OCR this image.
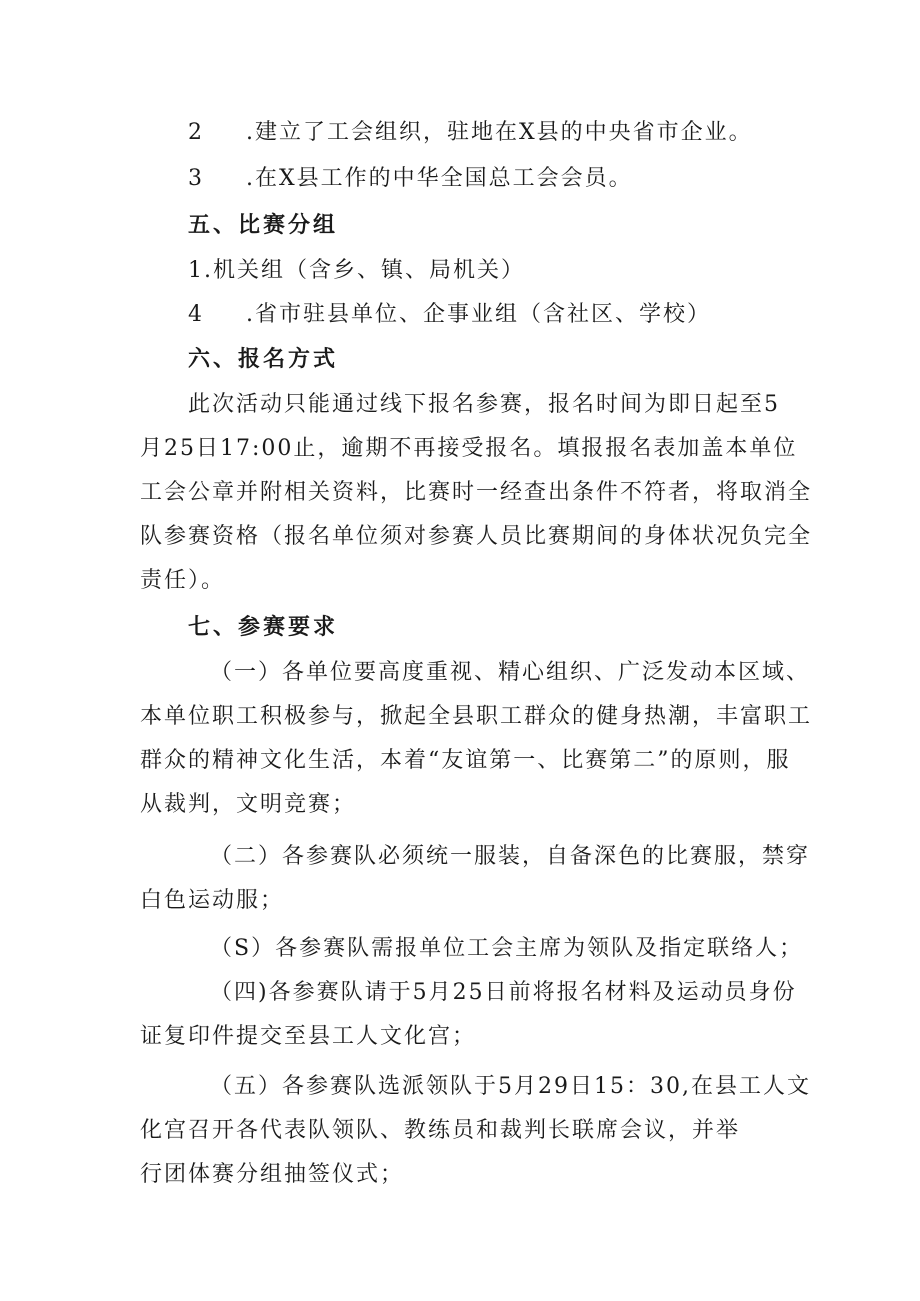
2 .建立了工会组织，驻地在X县的中央省市企业。
3 .在X县工作的中华全国总工会会员。
五、比赛分组
1.机关组（含乡、镇、局机关）
4 .省市驻县单位、企事业组（含社区、学校）
六、报名方式
此次活动只能通过线下报名参赛，报名时间为即日起至5
月25日17:00止，逾期不再接受报名。填报报名表加盖本单位
工会公章并附相关资料，比赛时一经查出条件不符者，将取消全
队参赛资格（报名单位须对参赛人员比赛期间的身体状况负完全
责任）。
七、参赛要求
（一）各单位要高度重视、精心组织、广泛发动本区域、
本单位职工积极参与，掀起全县职工群众的健身热潮，丰富职工
群众的精神文化生活，本着“友谊第一、比赛第二”的原则，服
从裁判，文明竞赛；
（二）各参赛队必须统一服装，自备深色的比赛服，禁穿
白色运动服；
（S）各参赛队需报单位工会主席为领队及指定联络人；
（四)各参赛队请于5月25日前将报名材料及运动员身份
证复印件提交至县工人文化宫；
（五）各参赛队选派领队于5月29日15：30,在县工人文
化宫召开各代表队领队、教练员和裁判长联席会议，并举
行团体赛分组抽签仪式；
